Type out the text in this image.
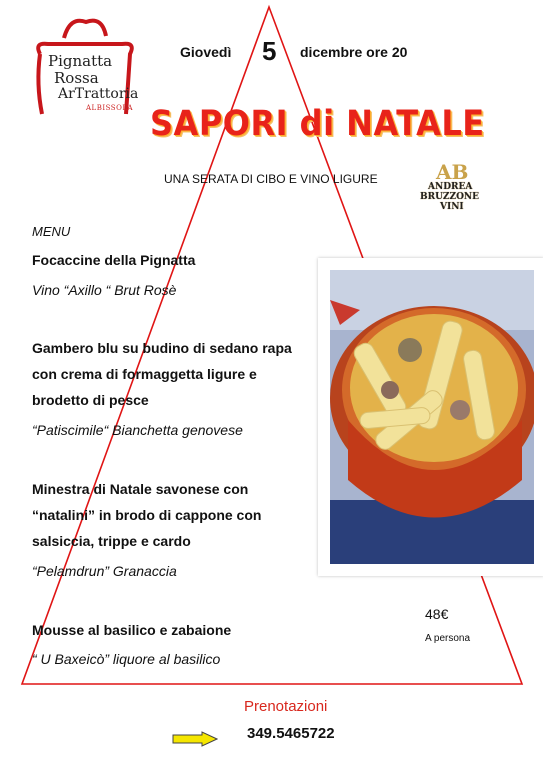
Pignatta
Rossa
ArTrattoria
ALBISSOLA
Giovedì 5 dicembre ore 20
SAPORI di NATALE
UNA SERATA DI CIBO E VINO LIGURE	AB
ANDREA
BRUZZONE
VINI
MENU
Focaccine della Pignatta
Vino “Axillo “ Brut Rosè
Gambero blu su budino di sedano rapa
con crema di formaggetta ligure e
brodetto di pesce
“Patiscimile“ Bianchetta genovese
Minestra di Natale savonese con
“natalini” in brodo di cappone con
salsiccia, trippe e cardo
“Pelamdrun” Granaccia
Mousse al basilico e zabaione
“ U Baxeicò” liquore al basilico
48€
A persona
Prenotazioni
349.5465722
